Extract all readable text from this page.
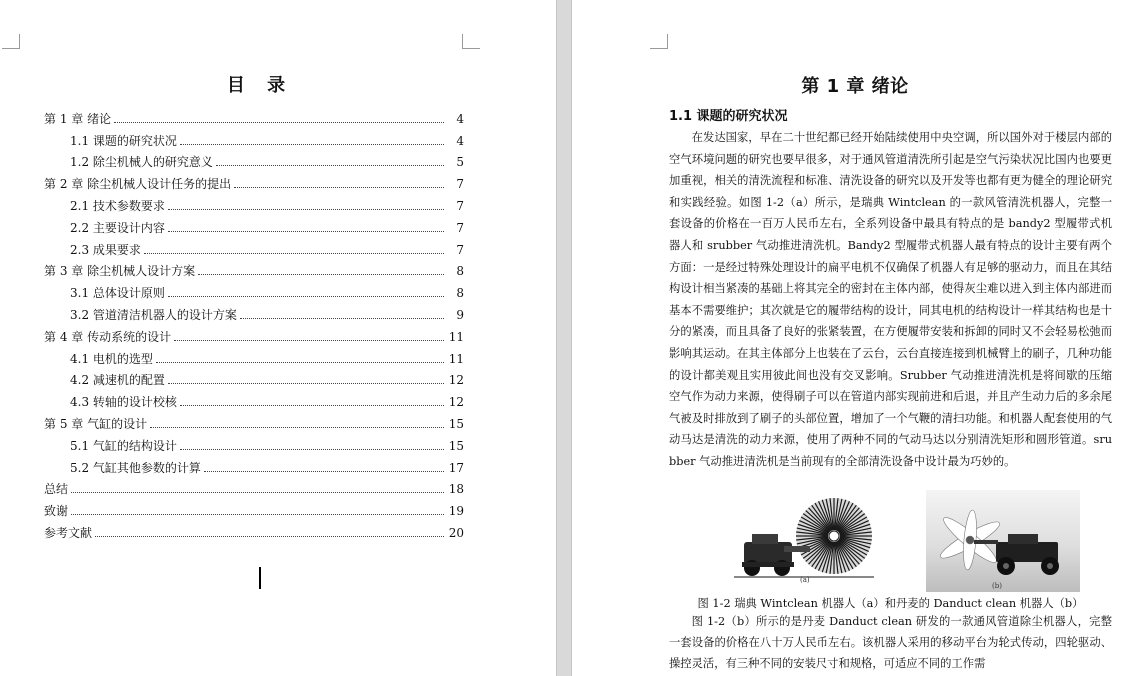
目 录
第 1 章 绪论	4
1.1 课题的研究状况	4
1.2 除尘机械人的研究意义	5
第 2 章 除尘机械人设计任务的提出	7
2.1 技术参数要求	7
2.2 主要设计内容	7
2.3 成果要求	7
第 3 章 除尘机械人设计方案	8
3.1 总体设计原则	8
3.2 管道清洁机器人的设计方案	9
第 4 章 传动系统的设计	11
4.1 电机的选型	11
4.2 减速机的配置	12
4.3 转轴的设计校核	12
第 5 章 气缸的设计	15
5.1 气缸的结构设计	15
5.2 气缸其他参数的计算	17
总结	18
致谢	19
参考文献	20
第 1 章 绪论
1.1 课题的研究状况

在发达国家，早在二十世纪都已经开始陆续使用中央空调，所以国外对于楼层内部的空气环境问题的研究也要早很多，对于通风管道清洗所引起是空气污染状况比国内也要更加重视，相关的清洗流程和标准、清洗设备的研究以及开发等也都有更为健全的理论研究和实践经验。如图 1-2（a）所示，是瑞典 Wintclean 的一款风管清洗机器人，完整一套设备的价格在一百万人民币左右，全系列设备中最具有特点的是 bandy2 型履带式机器人和 srubber 气动推进清洗机。Bandy2 型履带式机器人最有特点的设计主要有两个方面：一是经过特殊处理设计的扁平电机不仅确保了机器人有足够的驱动力，而且在其结构设计相当紧凑的基础上将其完全的密封在主体内部，使得灰尘难以进入到主体内部进而基本不需要维护；其次就是它的履带结构的设计，同其电机的结构设计一样其结构也是十分的紧凑，而且具备了良好的张紧装置，在方便履带安装和拆卸的同时又不会轻易松弛而影响其运动。在其主体部分上也装在了云台，云台直接连接到机械臂上的刷子，几种功能的设计都美观且实用彼此间也没有交叉影响。Srubber 气动推进清洗机是将间歇的压缩空气作为动力来源，使得刷子可以在管道内部实现前进和后退，并且产生动力后的多余尾气被及时排放到了刷子的头部位置，增加了一个气鞭的清扫功能。和机器人配套使用的气动马达是清洗的动力来源，使用了两种不同的气动马达以分别清洗矩形和圆形管道。srubber 气动推进清洗机是当前现有的全部清洗设备中设计最为巧妙的。

(a)
(b)
图 1-2 瑞典 Wintclean 机器人（a）和丹麦的 Danduct clean 机器人（b）

图 1-2（b）所示的是丹麦 Danduct clean 研发的一款通风管道除尘机器人，完整一套设备的价格在八十万人民币左右。该机器人采用的移动平台为轮式传动，四轮驱动、操控灵活，有三种不同的安装尺寸和规格，可适应不同的工作需
